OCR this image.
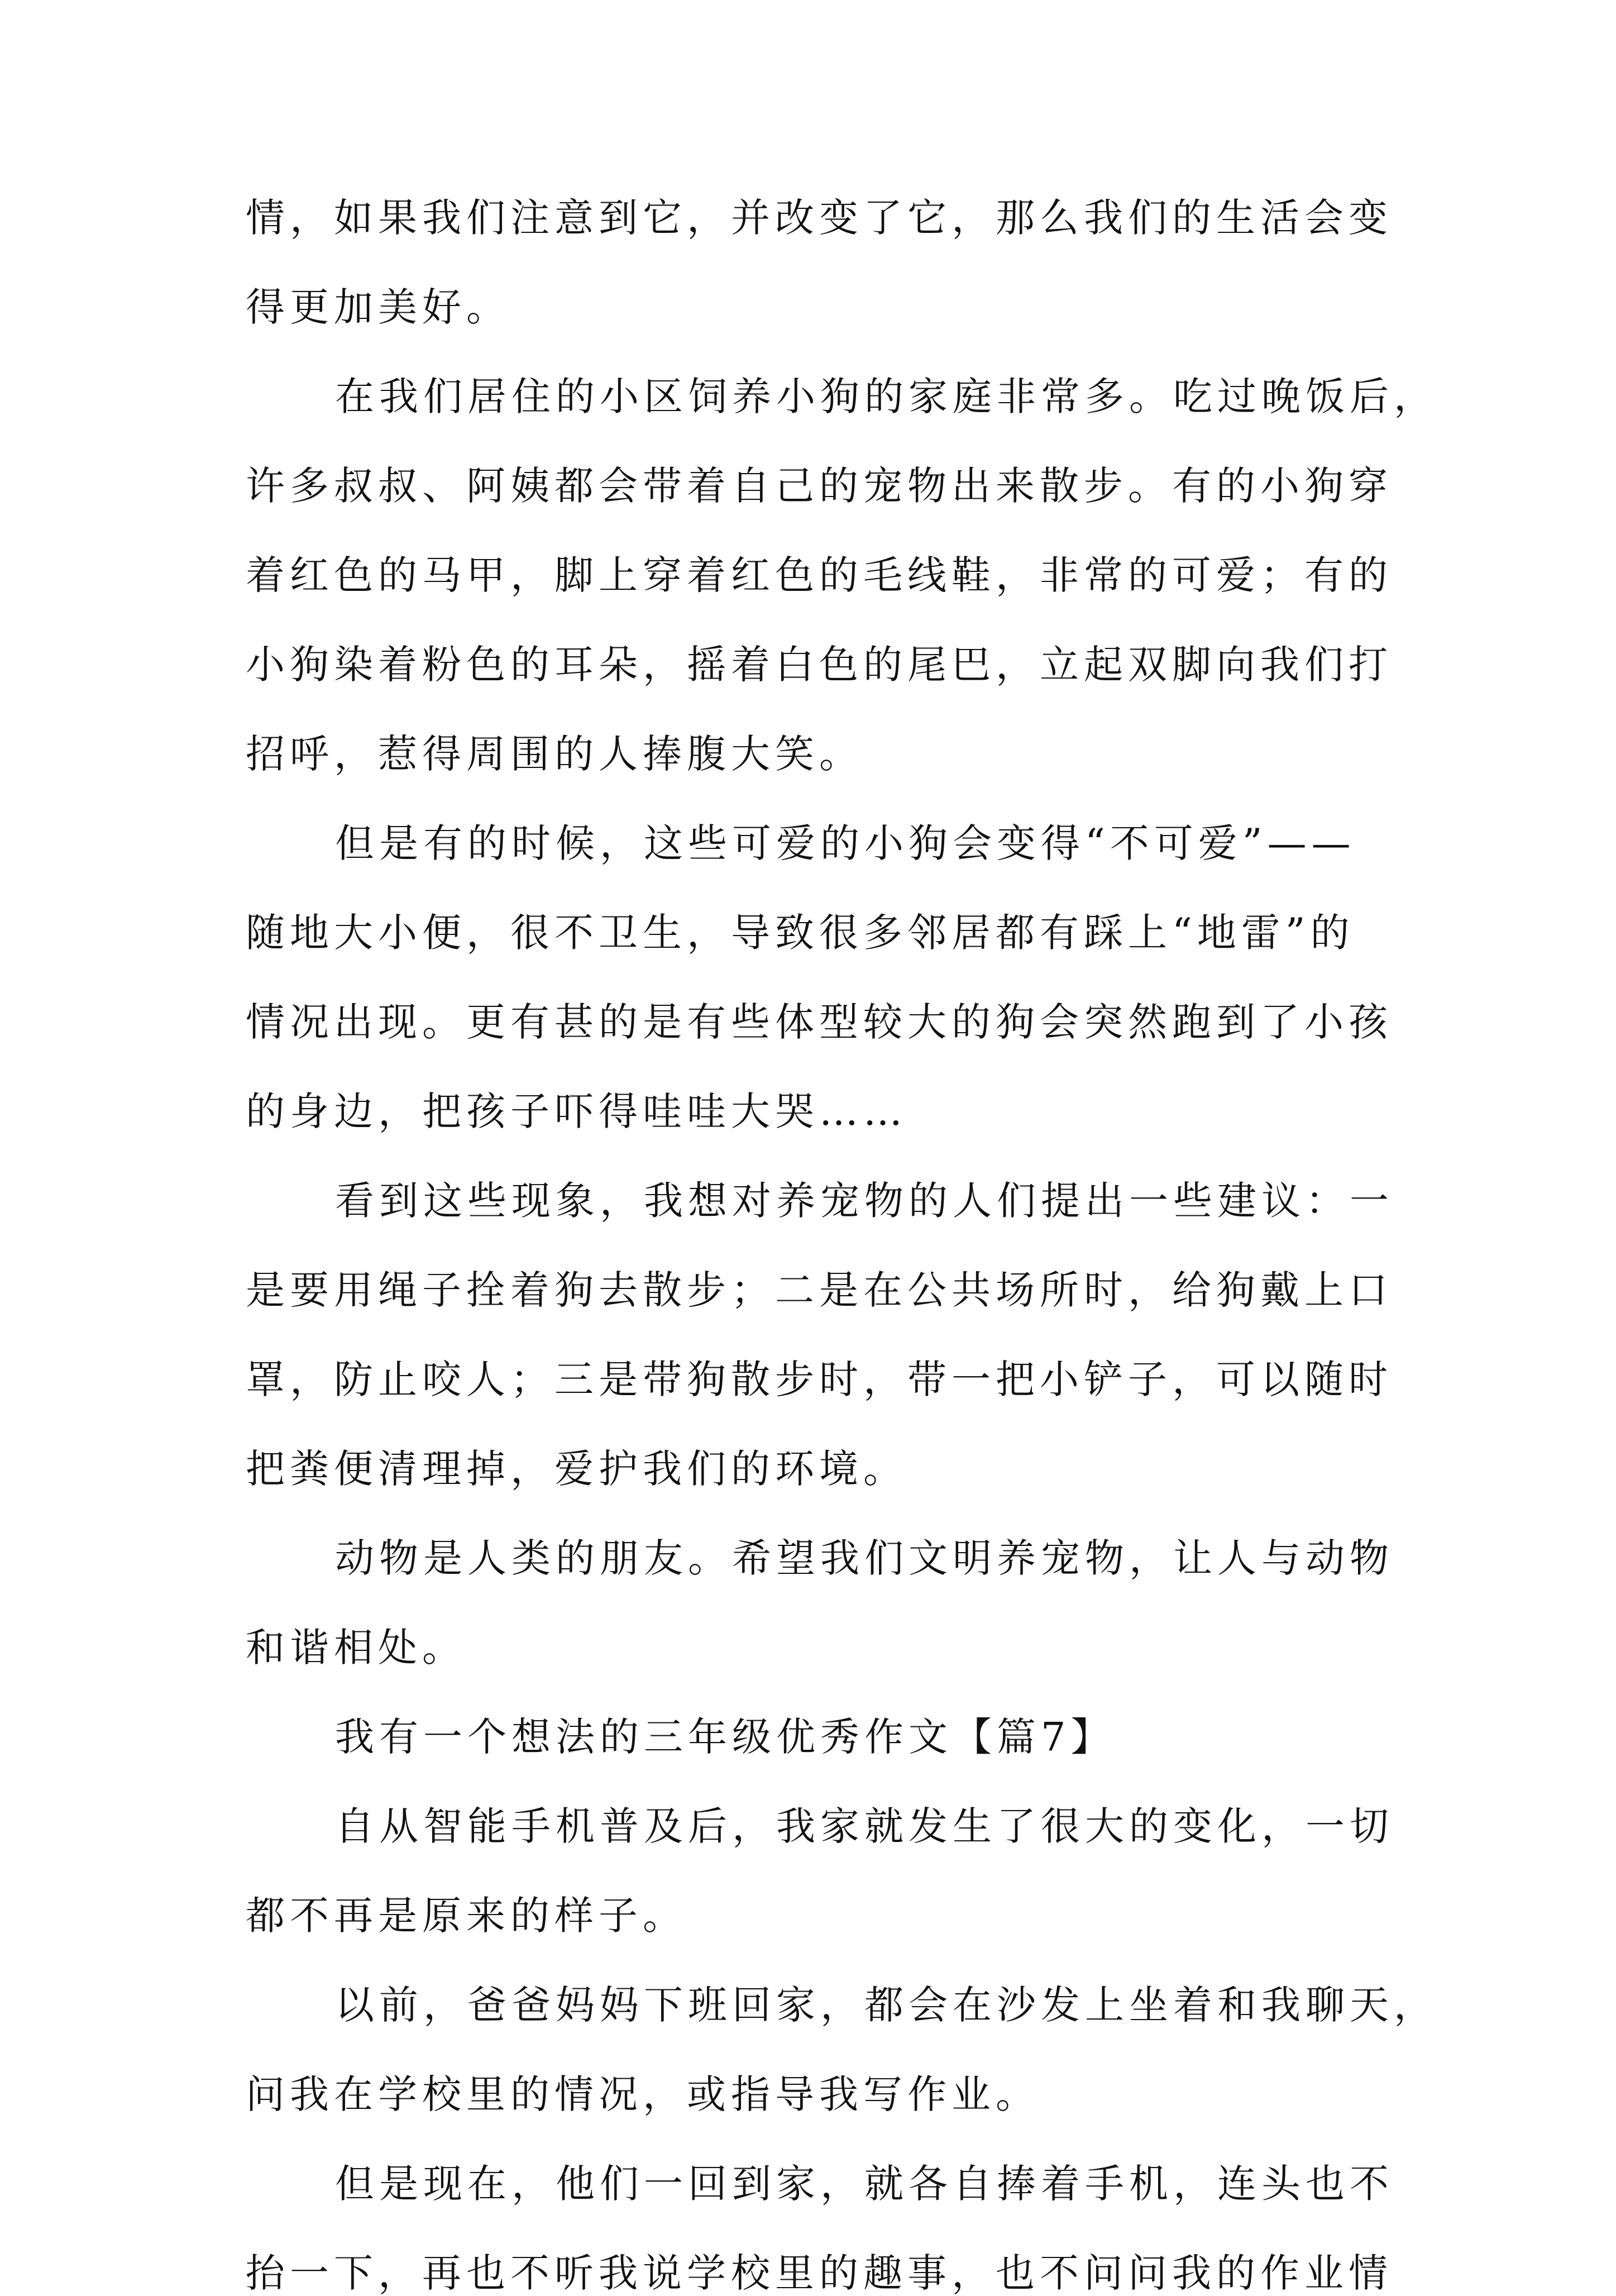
情，如果我们注意到它，并改变了它，那么我们的生活会变

得更加美好。

在我们居住的小区饲养小狗的家庭非常多。吃过晚饭后，

许多叔叔、阿姨都会带着自己的宠物出来散步。有的小狗穿

着红色的马甲，脚上穿着红色的毛线鞋，非常的可爱；有的

小狗染着粉色的耳朵，摇着白色的尾巴，立起双脚向我们打

招呼，惹得周围的人捧腹大笑。

但是有的时候，这些可爱的小狗会变得“不可爱”——

随地大小便，很不卫生，导致很多邻居都有踩上“地雷”的

情况出现。更有甚的是有些体型较大的狗会突然跑到了小孩

的身边，把孩子吓得哇哇大哭……

看到这些现象，我想对养宠物的人们提出一些建议：一

是要用绳子拴着狗去散步；二是在公共场所时，给狗戴上口

罩，防止咬人；三是带狗散步时，带一把小铲子，可以随时

把粪便清理掉，爱护我们的环境。

动物是人类的朋友。希望我们文明养宠物，让人与动物

和谐相处。

我有一个想法的三年级优秀作文【篇7】

自从智能手机普及后，我家就发生了很大的变化，一切

都不再是原来的样子。

以前，爸爸妈妈下班回家，都会在沙发上坐着和我聊天，

问我在学校里的情况，或指导我写作业。

但是现在，他们一回到家，就各自捧着手机，连头也不

抬一下，再也不听我说学校里的趣事，也不问问我的作业情
